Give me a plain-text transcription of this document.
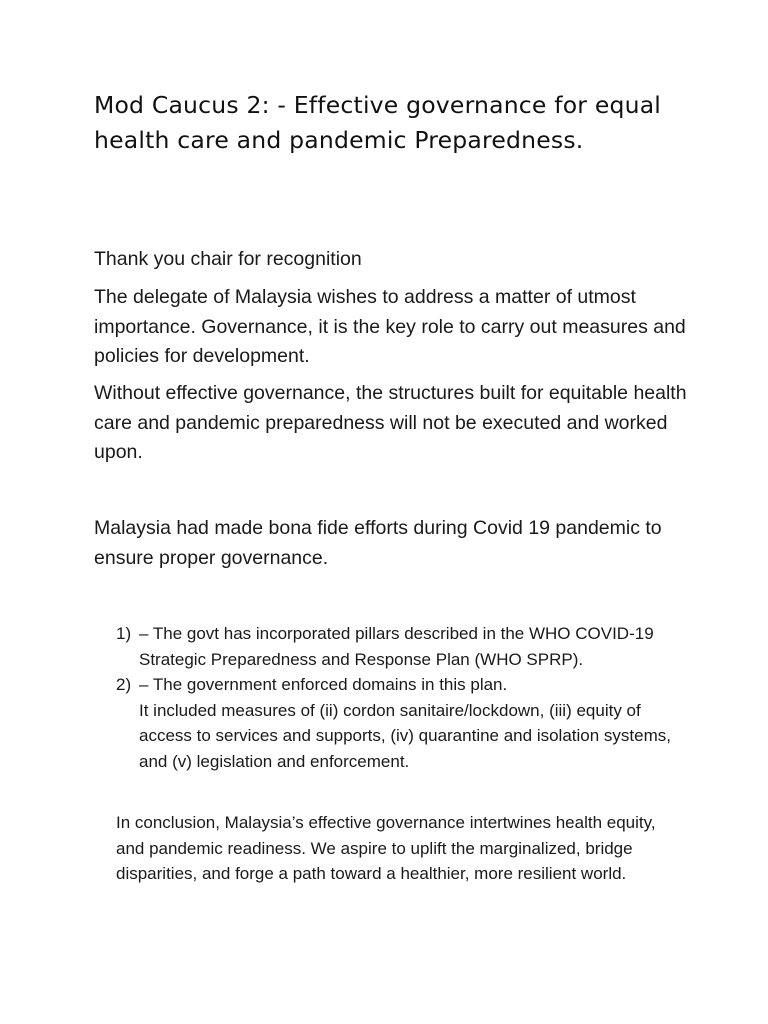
Mod Caucus 2: - Effective governance for equal health care and pandemic Preparedness.

Thank you chair for recognition

The delegate of Malaysia wishes to address a matter of utmost importance. Governance, it is the key role to carry out measures and policies for development.

Without effective governance, the structures built for equitable health care and pandemic preparedness will not be executed and worked upon.

Malaysia had made bona fide efforts during Covid 19 pandemic to ensure proper governance.

1) – The govt has incorporated pillars described in the WHO COVID-19 Strategic Preparedness and Response Plan (WHO SPRP).
2) – The government enforced domains in this plan.
It included measures of (ii) cordon sanitaire/lockdown, (iii) equity of access to services and supports, (iv) quarantine and isolation systems, and (v) legislation and enforcement.

In conclusion, Malaysia’s effective governance intertwines health equity, and pandemic readiness. We aspire to uplift the marginalized, bridge disparities, and forge a path toward a healthier, more resilient world.
